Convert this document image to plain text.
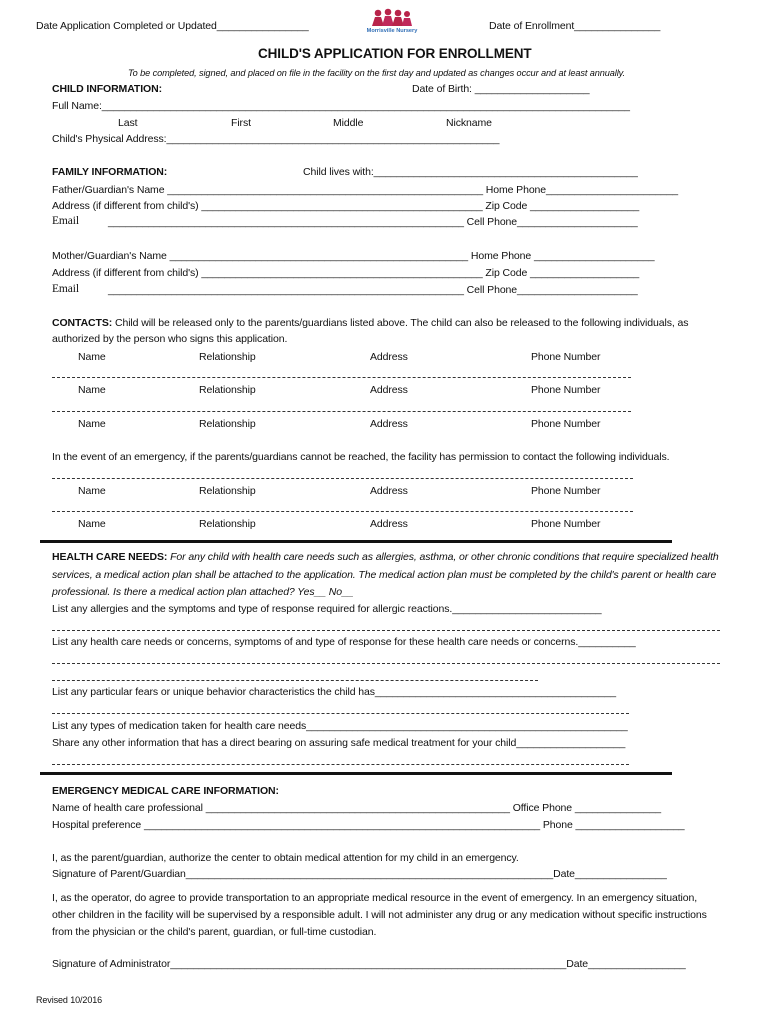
Date Application Completed or Updated________________	Morrisville Nursery	Date of Enrollment_______________
CHILD'S APPLICATION FOR ENROLLMENT
To be completed, signed, and placed on file in the facility on the first day and updated as changes occur and at least annually.
CHILD INFORMATION:	Date of Birth: ____________________
Full Name:____________________________________________________________________________________________
Last	First	Middle	Nickname
Child's Physical Address:__________________________________________________________
FAMILY INFORMATION:	Child lives with:______________________________________________
Father/Guardian's Name _______________________________________________________ Home Phone_______________________
Address (if different from child's) _________________________________________________ Zip Code ___________________
Email	______________________________________________________________ Cell Phone_____________________
Mother/Guardian's Name ____________________________________________________ Home Phone _____________________
Address (if different from child's) _________________________________________________ Zip Code ___________________
Email	______________________________________________________________ Cell Phone_____________________
CONTACTS: Child will be released only to the parents/guardians listed above. The child can also be released to the following individuals, as
authorized by the person who signs this application.
Name	Relationship	Address	Phone Number
Name	Relationship	Address	Phone Number
Name	Relationship	Address	Phone Number
In the event of an emergency, if the parents/guardians cannot be reached, the facility has permission to contact the following individuals.
Name	Relationship	Address	Phone Number
Name	Relationship	Address	Phone Number
HEALTH CARE NEEDS: For any child with health care needs such as allergies, asthma, or other chronic conditions that require specialized health
services, a medical action plan shall be attached to the application. The medical action plan must be completed by the child's parent or health care
professional. Is there a medical action plan attached? Yes__ No__
List any allergies and the symptoms and type of response required for allergic reactions.__________________________
List any health care needs or concerns, symptoms of and type of response for these health care needs or concerns.__________
List any particular fears or unique behavior characteristics the child has__________________________________________
List any types of medication taken for health care needs________________________________________________________
Share any other information that has a direct bearing on assuring safe medical treatment for your child___________________
EMERGENCY MEDICAL CARE INFORMATION:
Name of health care professional _____________________________________________________ Office Phone _______________
Hospital preference _____________________________________________________________________ Phone ___________________
I, as the parent/guardian, authorize the center to obtain medical attention for my child in an emergency.
Signature of Parent/Guardian________________________________________________________________Date________________
I, as the operator, do agree to provide transportation to an appropriate medical resource in the event of emergency. In an emergency situation,
other children in the facility will be supervised by a responsible adult. I will not administer any drug or any medication without specific instructions
from the physician or the child's parent, guardian, or full-time custodian.
Signature of Administrator_____________________________________________________________________Date_________________
Revised 10/2016
